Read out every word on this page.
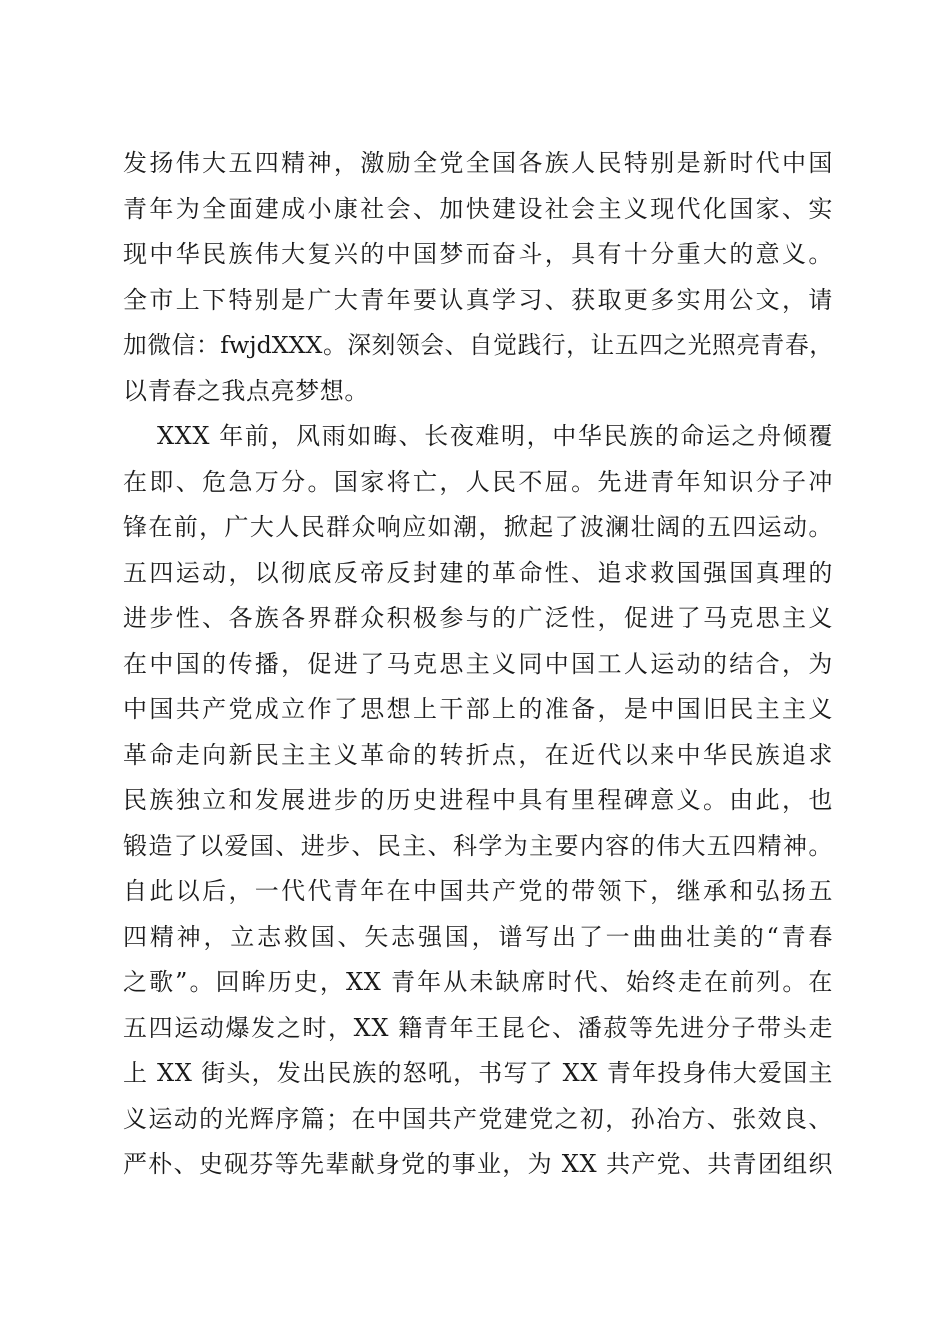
发扬伟大五四精神，激励全党全国各族人民特别是新时代中国
青年为全面建成小康社会、加快建设社会主义现代化国家、实
现中华民族伟大复兴的中国梦而奋斗，具有十分重大的意义。
全市上下特别是广大青年要认真学习、获取更多实用公文，请
加微信：fwjdXXX。深刻领会、自觉践行，让五四之光照亮青春，
以青春之我点亮梦想。
XXX 年前，风雨如晦、长夜难明，中华民族的命运之舟倾覆
在即、危急万分。国家将亡，人民不屈。先进青年知识分子冲
锋在前，广大人民群众响应如潮，掀起了波澜壮阔的五四运动。
五四运动，以彻底反帝反封建的革命性、追求救国强国真理的
进步性、各族各界群众积极参与的广泛性，促进了马克思主义
在中国的传播，促进了马克思主义同中国工人运动的结合，为
中国共产党成立作了思想上干部上的准备，是中国旧民主主义
革命走向新民主主义革命的转折点，在近代以来中华民族追求
民族独立和发展进步的历史进程中具有里程碑意义。由此，也
锻造了以爱国、进步、民主、科学为主要内容的伟大五四精神。
自此以后，一代代青年在中国共产党的带领下，继承和弘扬五
四精神，立志救国、矢志强国，谱写出了一曲曲壮美的“青春
之歌”。回眸历史，XX 青年从未缺席时代、始终走在前列。在
五四运动爆发之时，XX 籍青年王昆仑、潘菽等先进分子带头走
上 XX 街头，发出民族的怒吼，书写了 XX 青年投身伟大爱国主
义运动的光辉序篇；在中国共产党建党之初，孙冶方、张效良、
严朴、史砚芬等先辈献身党的事业，为 XX 共产党、共青团组织
